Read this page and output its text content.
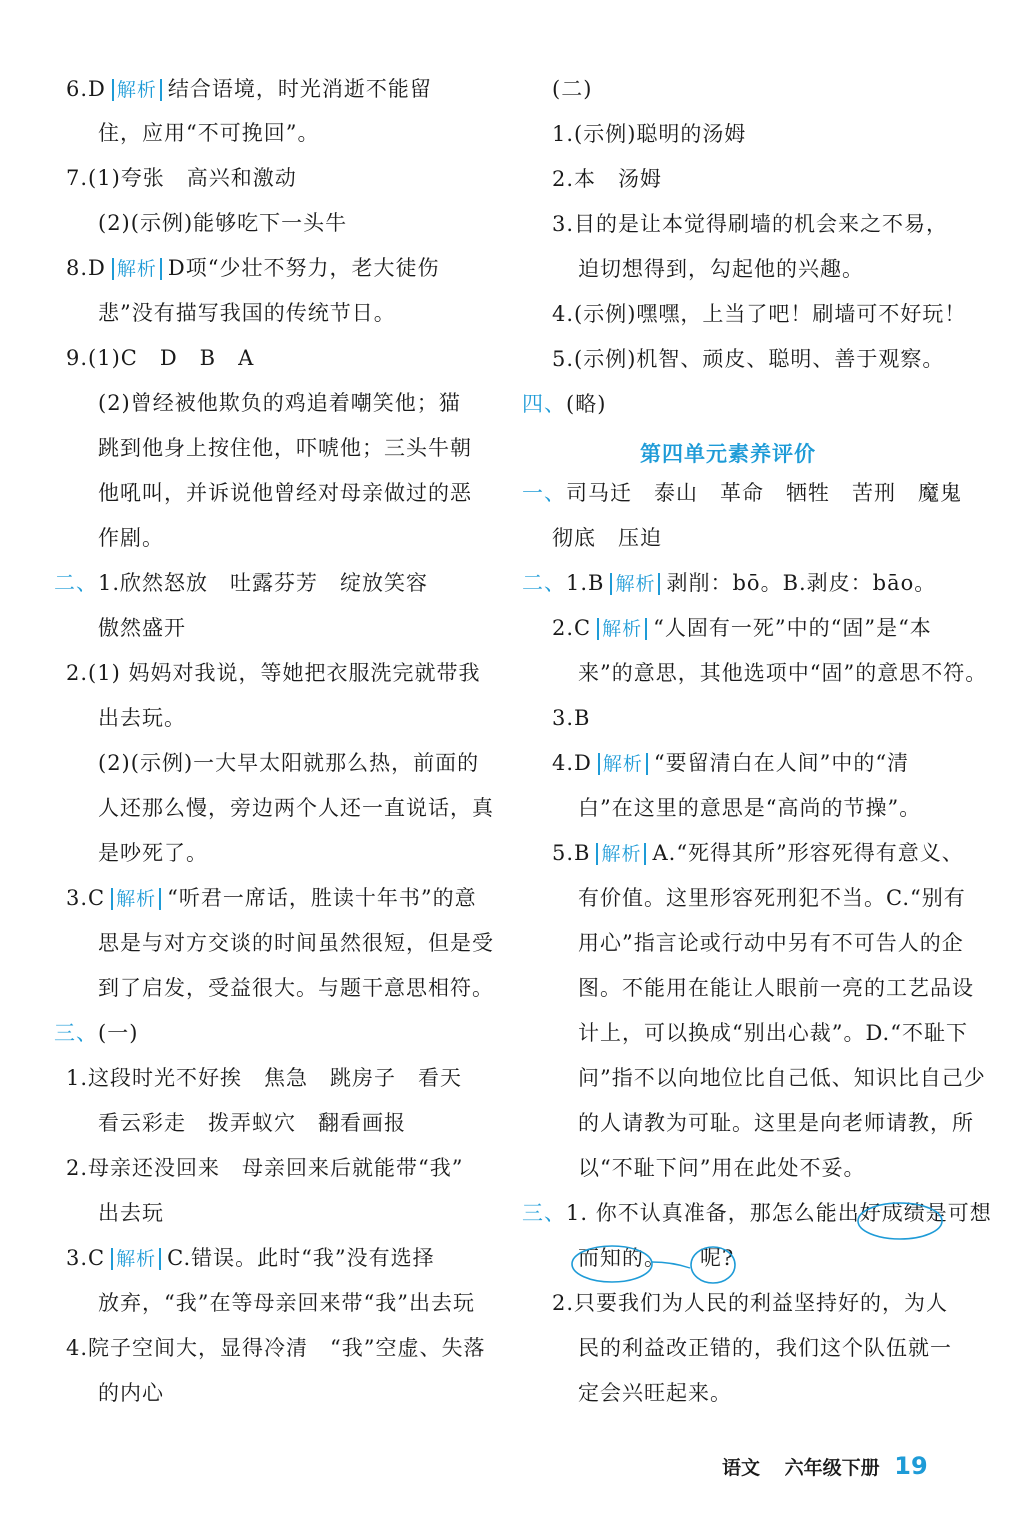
6.D 解析 结合语境，时光消逝不能留
住，应用“不可挽回”。
7.(1)夸张　高兴和激动
(2)(示例)能够吃下一头牛
8.D 解析 D项“少壮不努力，老大徒伤
悲”没有描写我国的传统节日。
9.(1)C　D　B　A
(2)曾经被他欺负的鸡追着嘲笑他；猫
跳到他身上按住他，吓唬他；三头牛朝
他吼叫，并诉说他曾经对母亲做过的恶
作剧。
二、1.欣然怒放　吐露芬芳　绽放笑容
傲然盛开
2.(1) 妈妈对我说，等她把衣服洗完就带我
出去玩。
(2)(示例)一大早太阳就那么热，前面的
人还那么慢，旁边两个人还一直说话，真
是吵死了。
3.C 解析 “听君一席话，胜读十年书”的意
思是与对方交谈的时间虽然很短，但是受
到了启发，受益很大。与题干意思相符。
三、(一)
1.这段时光不好挨　焦急　跳房子　看天
看云彩走　拨弄蚁穴　翻看画报
2.母亲还没回来　母亲回来后就能带“我”
出去玩
3.C 解析 C.错误。此时“我”没有选择
放弃，“我”在等母亲回来带“我”出去玩
4.院子空间大，显得冷清　“我”空虚、失落
的内心
(二)
1.(示例)聪明的汤姆
2.本　汤姆
3.目的是让本觉得刷墙的机会来之不易，
迫切想得到，勾起他的兴趣。
4.(示例)嘿嘿，上当了吧！刷墙可不好玩！
5.(示例)机智、顽皮、聪明、善于观察。
四、(略)
一、司马迁　泰山　革命　牺牲　苦刑　魔鬼
彻底　压迫
二、1.B 解析 剥削：bō。B.剥皮：bāo。
2.C 解析 “人固有一死”中的“固”是“本
来”的意思，其他选项中“固”的意思不符。
3.B
4.D 解析 “要留清白在人间”中的“清
白”在这里的意思是“高尚的节操”。
5.B 解析 A.“死得其所”形容死得有意义、
有价值。这里形容死刑犯不当。C.“别有
用心”指言论或行动中另有不可告人的企
图。不能用在能让人眼前一亮的工艺品设
计上，可以换成“别出心裁”。D.“不耻下
问”指不以向地位比自己低、知识比自己少
的人请教为可耻。这里是向老师请教，所
以“不耻下问”用在此处不妥。
三、1. 你不认真准备，那怎么能出好成绩是可想
而知的。 呢?
2.只要我们为人民的利益坚持好的，为人
民的利益改正错的，我们这个队伍就一
定会兴旺起来。
第四单元素养评价
语文 六年级下册 19
